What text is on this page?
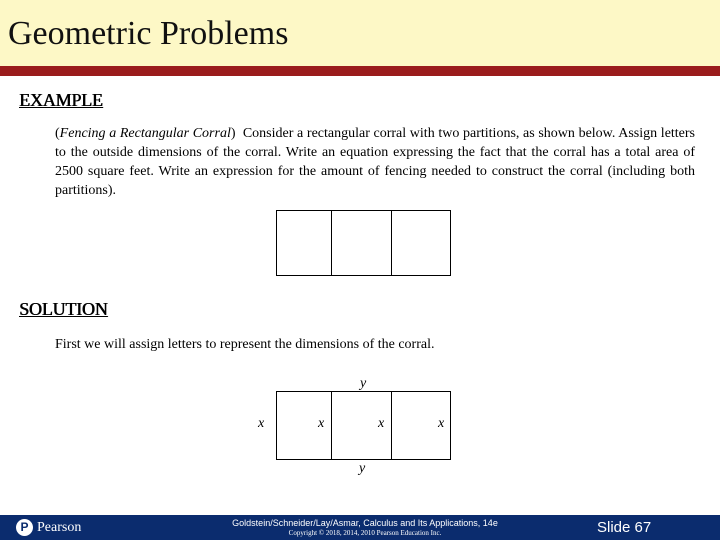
Geometric Problems
EXAMPLE
(Fencing a Rectangular Corral) Consider a rectangular corral with two partitions, as shown below. Assign letters to the outside dimensions of the corral. Write an equation expressing the fact that the corral has a total area of 2500 square feet. Write an expression for the amount of fencing needed to construct the corral (including both partitions).
SOLUTION
First we will assign letters to represent the dimensions of the corral.
y
y
x	x	x	x
P Pearson	Goldstein/Schneider/Lay/Asmar, Calculus and Its Applications, 14e
Copyright © 2018, 2014, 2010 Pearson Education Inc.	Slide 67
